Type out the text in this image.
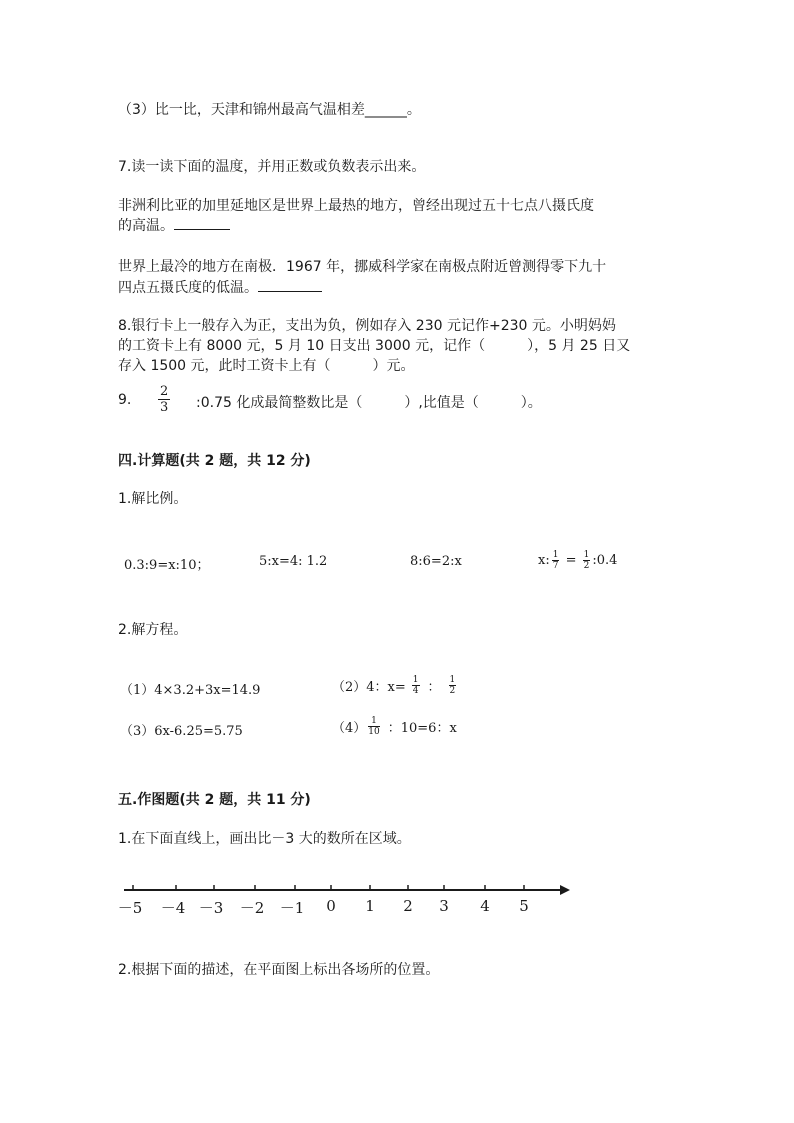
（3）比一比，天津和锦州最高气温相差______。
7.读一读下面的温度，并用正数或负数表示出来。
非洲利比亚的加里延地区是世界上最热的地方，曾经出现过五十七点八摄氏度
的高温。
世界上最冷的地方在南极．1967 年，挪威科学家在南极点附近曾测得零下九十
四点五摄氏度的低温。
8.银行卡上一般存入为正，支出为负，例如存入 230 元记作+230 元。小明妈妈
的工资卡上有 8000 元，5 月 10 日支出 3000 元，记作（　　　），5 月 25 日又
存入 1500 元，此时工资卡上有（　　　）元。
9. $\frac{2}{3}$ :0.75 化成最简整数比是（　　　）,比值是（　　　）。
四.计算题(共 2 题，共 12 分)
1.解比例。
0.3:9=x:10；	5:x=4: 1.2	8:6=2:x	x: $\frac{1}{7} = \frac{1}{2}$ :0.4
2.解方程。
（1）4×3.2+3x=14.9	（2）4：$x= \frac{1}{4}$ ： $\frac{1}{2}$
（3）6x-6.25=5.75	$(4) \frac{1}{10}$ ：10=6：x
五.作图题(共 2 题，共 11 分)
1.在下面直线上，画出比－3 大的数所在区域。
－5	－4 －3	－2	－1	0	1	2	3	4	5
2.根据下面的描述，在平面图上标出各场所的位置。
